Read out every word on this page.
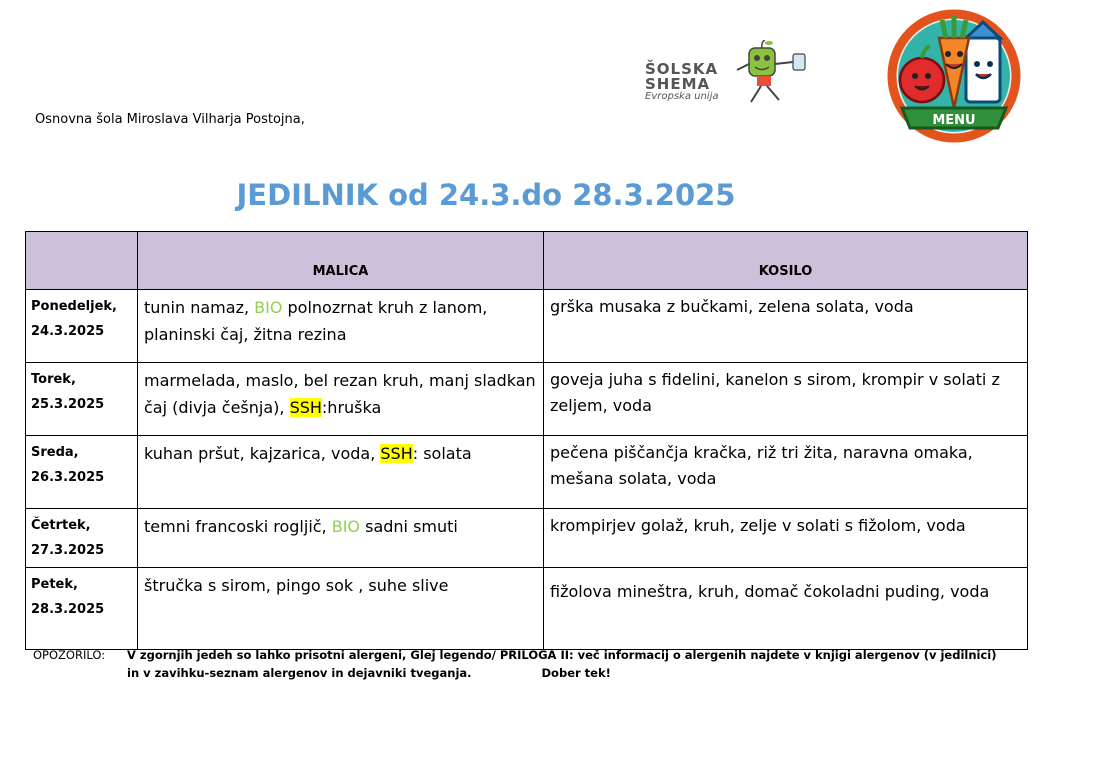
Osnovna šola Miroslava Vilharja Postojna,
ŠOLSKA
SHEMA
Evropska unija
MENU
JEDILNIK od 24.3.do 28.3.2025
	MALICA	KOSILO

Ponedeljek,
24.3.2025	tunin namaz, BIO polnozrnat kruh z lanom, planinski čaj, žitna rezina	grška musaka z bučkami, zelena solata, voda

Torek,
25.3.2025	marmelada, maslo, bel rezan kruh, manj sladkan čaj (divja češnja), SSH:hruška	goveja juha s fidelini, kanelon s sirom, krompir v solati z zeljem, voda

Sreda,
26.3.2025	kuhan pršut, kajzarica, voda, SSH: solata	pečena piščančja kračka, riž tri žita, naravna omaka, mešana solata, voda

Četrtek,
27.3.2025	temni francoski rogljič, BIO sadni smuti	krompirjev golaž, kruh, zelje v solati s fižolom, voda

Petek,
28.3.2025	štručka s sirom, pingo sok , suhe slive	fižolova mineštra, kruh, domač čokoladni puding, voda
OPOZORILO: V zgornjih jedeh so lahko prisotni alergeni, Glej legendo/ PRILOGA II: več informacij o alergenih najdete v knjigi alergenov (v jedilnici)
in v zavihku-seznam alergenov in dejavniki tveganja.	Dober tek!
